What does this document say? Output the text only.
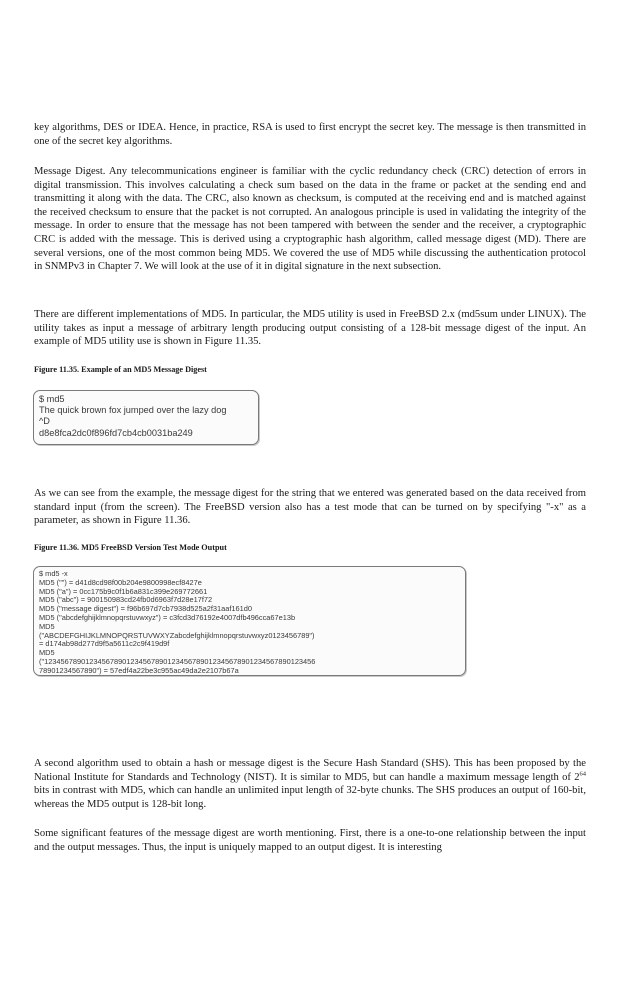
key algorithms, DES or IDEA. Hence, in practice, RSA is used to first encrypt the secret key. The message is then transmitted in one of the secret key algorithms.

Message Digest. Any telecommunications engineer is familiar with the cyclic redundancy check (CRC) detection of errors in digital transmission. This involves calculating a check sum based on the data in the frame or packet at the sending end and transmitting it along with the data. The CRC, also known as checksum, is computed at the receiving end and is matched against the received checksum to ensure that the packet is not corrupted. An analogous principle is used in validating the integrity of the message. In order to ensure that the message has not been tampered with between the sender and the receiver, a cryptographic CRC is added with the message. This is derived using a cryptographic hash algorithm, called message digest (MD). There are several versions, one of the most common being MD5. We covered the use of MD5 while discussing the authentication protocol in SNMPv3 in Chapter 7. We will look at the use of it in digital signature in the next subsection.

There are different implementations of MD5. In particular, the MD5 utility is used in FreeBSD 2.x (md5sum under LINUX). The utility takes as input a message of arbitrary length producing output consisting of a 128-bit message digest of the input. An example of MD5 utility use is shown in Figure 11.35.

Figure 11.35. Example of an MD5 Message Digest

$ md5
The quick brown fox jumped over the lazy dog
^D
d8e8fca2dc0f896fd7cb4cb0031ba249

As we can see from the example, the message digest for the string that we entered was generated based on the data received from standard input (from the screen). The FreeBSD version also has a test mode that can be turned on by specifying "-x" as a parameter, as shown in Figure 11.36.

Figure 11.36. MD5 FreeBSD Version Test Mode Output

$ md5 -x
MD5 ("") = d41d8cd98f00b204e9800998ecf8427e
MD5 ("a") = 0cc175b9c0f1b6a831c399e269772661
MD5 ("abc") = 900150983cd24fb0d6963f7d28e17f72
MD5 ("message digest") = f96b697d7cb7938d525a2f31aaf161d0
MD5 ("abcdefghijklmnopqrstuvwxyz") = c3fcd3d76192e4007dfb496cca67e13b
MD5
("ABCDEFGHIJKLMNOPQRSTUVWXYZabcdefghijklmnopqrstuvwxyz0123456789")
= d174ab98d277d9f5a5611c2c9f419d9f
MD5
("123456789012345678901234567890123456789012345678901234567890123456
78901234567890") = 57edf4a22be3c955ac49da2e2107b67a

A second algorithm used to obtain a hash or message digest is the Secure Hash Standard (SHS). This has been proposed by the National Institute for Standards and Technology (NIST). It is similar to MD5, but can handle a maximum message length of $2^{64}$ bits in contrast with MD5, which can handle an unlimited input length of 32-byte chunks. The SHS produces an output of 160-bit, whereas the MD5 output is 128-bit long.

Some significant features of the message digest are worth mentioning. First, there is a one-to-one relationship between the input and the output messages. Thus, the input is uniquely mapped to an output digest. It is interesting
